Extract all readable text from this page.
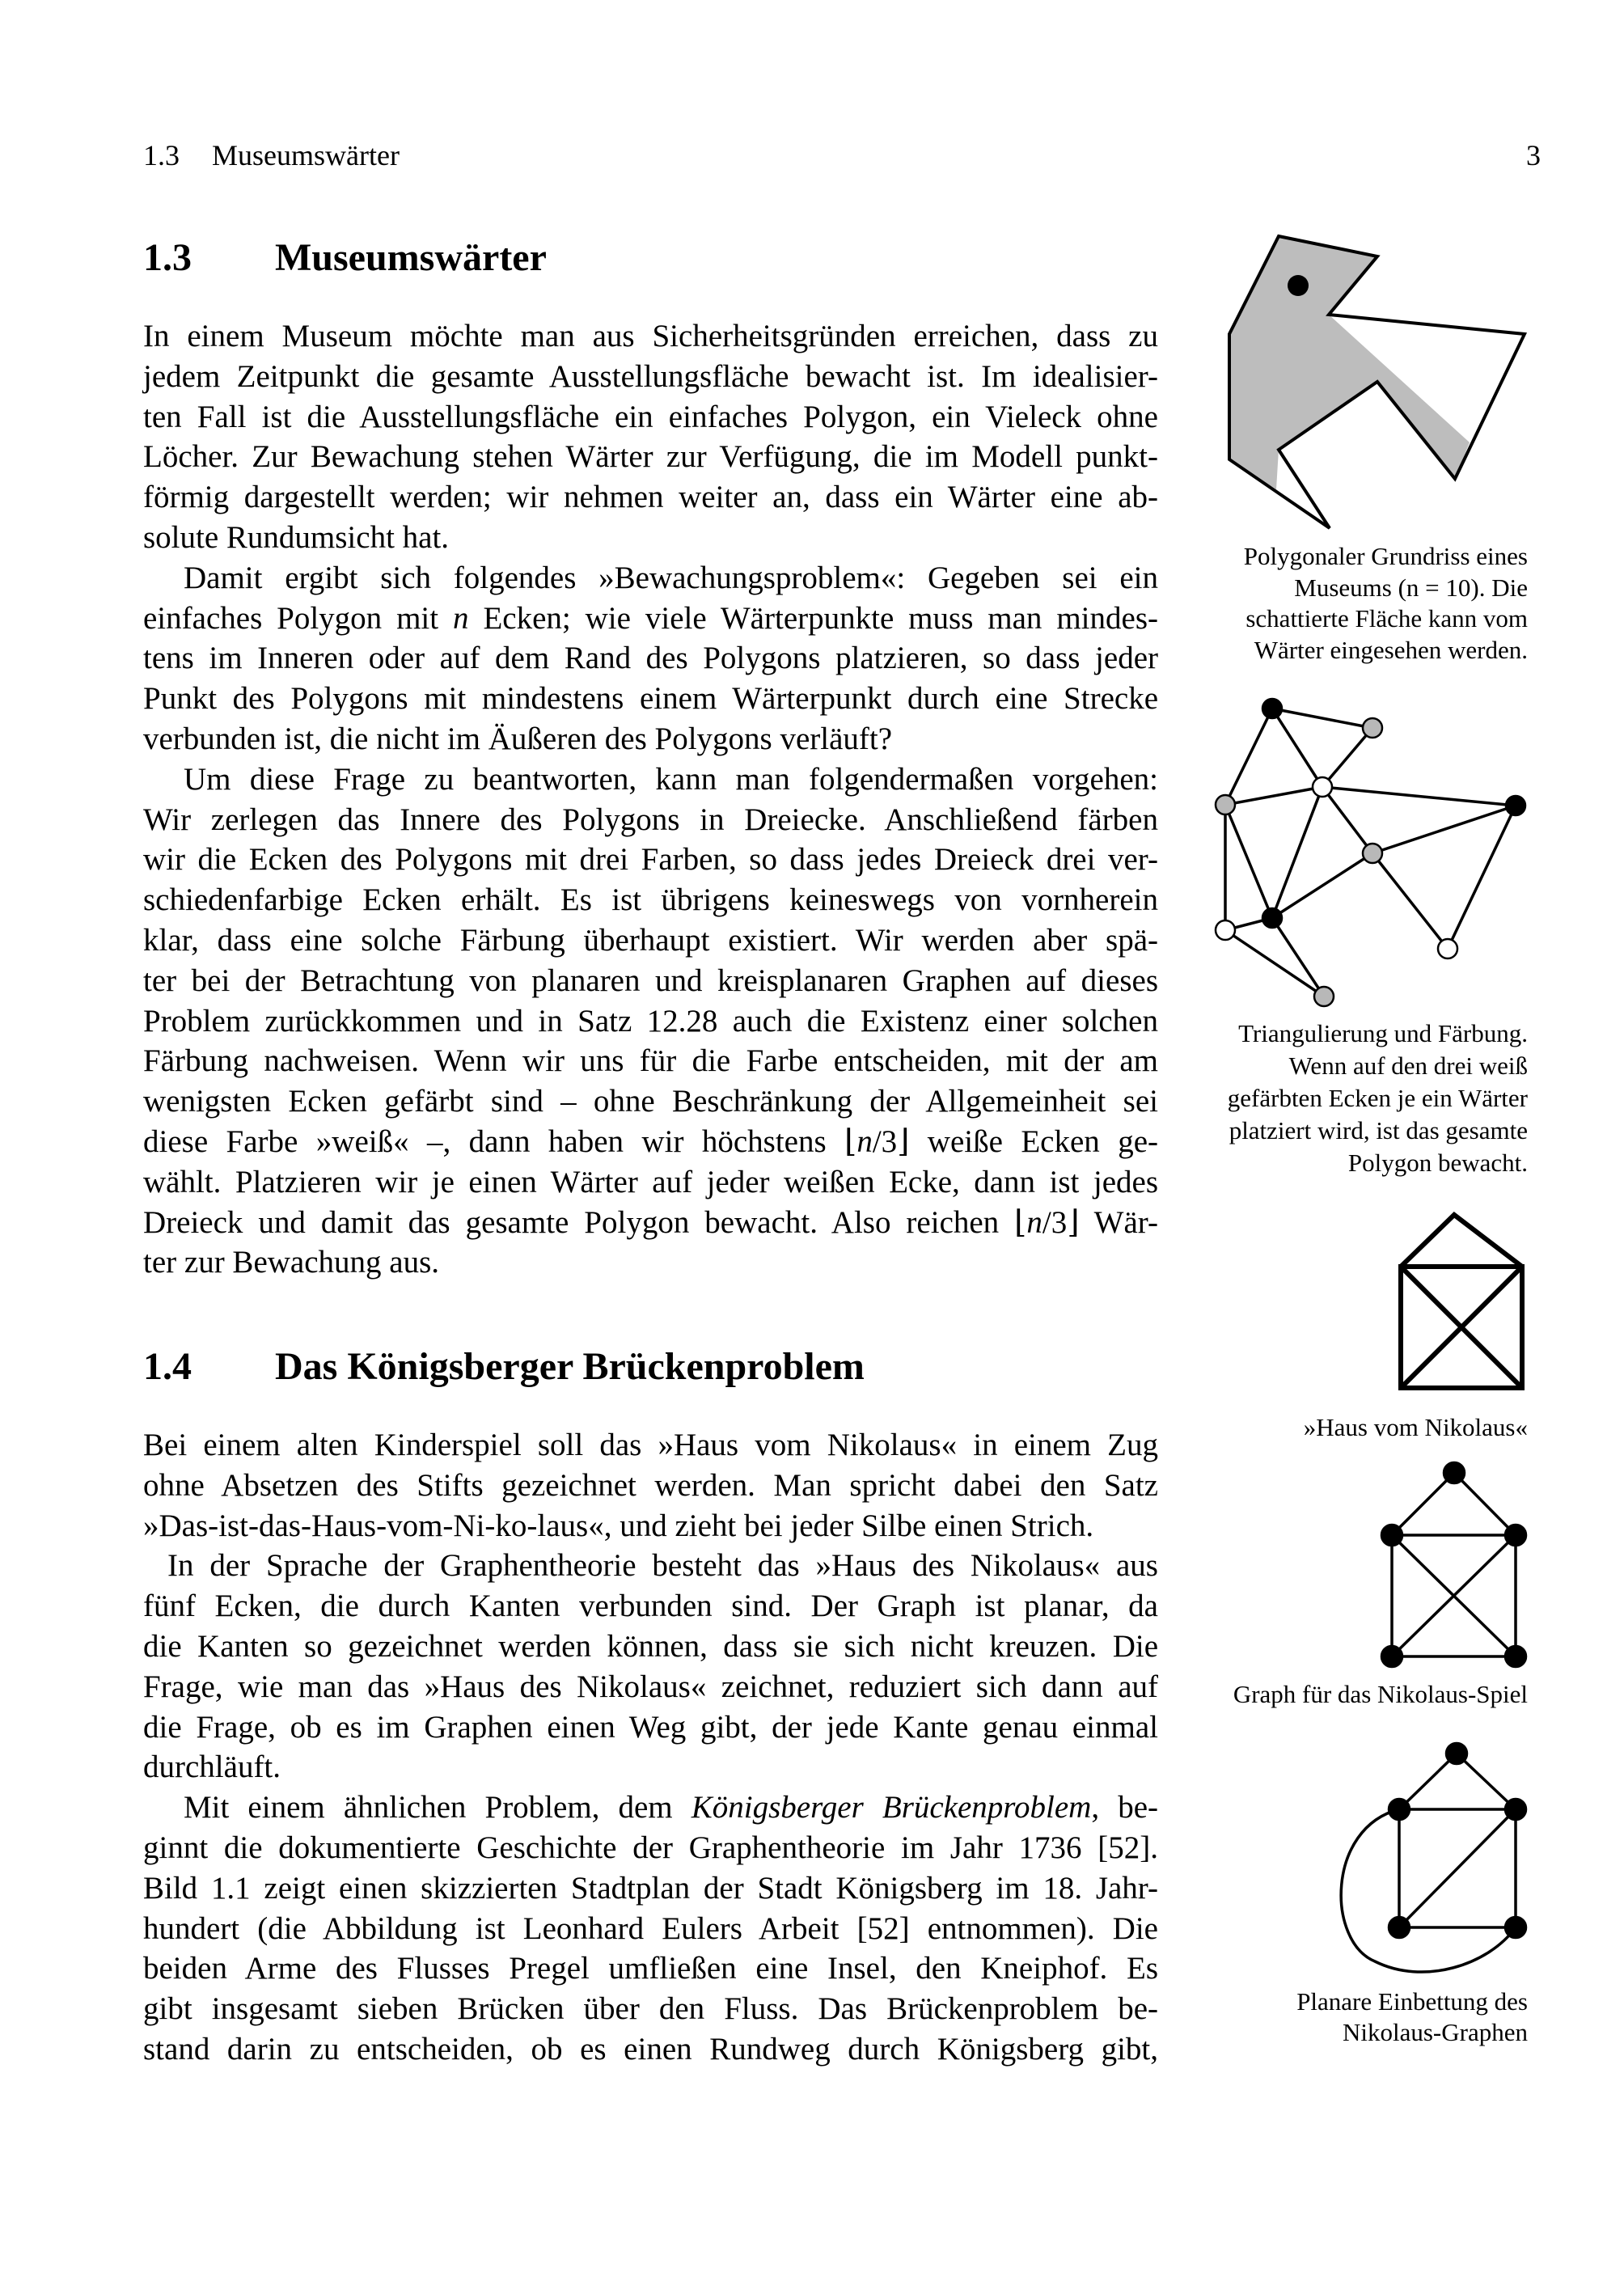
1.3 Museumswärter	3
1.3 Museumswärter
In einem Museum möchte man aus Sicherheitsgründen erreichen, dass zu
jedem Zeitpunkt die gesamte Ausstellungsfläche bewacht ist. Im idealisier-
ten Fall ist die Ausstellungsfläche ein einfaches Polygon, ein Vieleck ohne
Löcher. Zur Bewachung stehen Wärter zur Verfügung, die im Modell punkt-
förmig dargestellt werden; wir nehmen weiter an, dass ein Wärter eine ab-
solute Rundumsicht hat.
Damit ergibt sich folgendes »Bewachungsproblem«: Gegeben sei ein
einfaches Polygon mit n Ecken; wie viele Wärterpunkte muss man mindes-
tens im Inneren oder auf dem Rand des Polygons platzieren, so dass jeder
Punkt des Polygons mit mindestens einem Wärterpunkt durch eine Strecke
verbunden ist, die nicht im Äußeren des Polygons verläuft?
Um diese Frage zu beantworten, kann man folgendermaßen vorgehen:
Wir zerlegen das Innere des Polygons in Dreiecke. Anschließend färben
wir die Ecken des Polygons mit drei Farben, so dass jedes Dreieck drei ver-
schiedenfarbige Ecken erhält. Es ist übrigens keineswegs von vornherein
klar, dass eine solche Färbung überhaupt existiert. Wir werden aber spä-
ter bei der Betrachtung von planaren und kreisplanaren Graphen auf dieses
Problem zurückkommen und in Satz 12.28 auch die Existenz einer solchen
Färbung nachweisen. Wenn wir uns für die Farbe entscheiden, mit der am
wenigsten Ecken gefärbt sind – ohne Beschränkung der Allgemeinheit sei
diese Farbe »weiß« –, dann haben wir höchstens ⌊n/3⌋ weiße Ecken ge-
wählt. Platzieren wir je einen Wärter auf jeder weißen Ecke, dann ist jedes
Dreieck und damit das gesamte Polygon bewacht. Also reichen ⌊n/3⌋ Wär-
ter zur Bewachung aus.
1.4 Das Königsberger Brückenproblem
Bei einem alten Kinderspiel soll das »Haus vom Nikolaus« in einem Zug
ohne Absetzen des Stifts gezeichnet werden. Man spricht dabei den Satz
»Das-ist-das-Haus-vom-Ni-ko-laus«, und zieht bei jeder Silbe einen Strich.
In der Sprache der Graphentheorie besteht das »Haus des Nikolaus« aus
fünf Ecken, die durch Kanten verbunden sind. Der Graph ist planar, da
die Kanten so gezeichnet werden können, dass sie sich nicht kreuzen. Die
Frage, wie man das »Haus des Nikolaus« zeichnet, reduziert sich dann auf
die Frage, ob es im Graphen einen Weg gibt, der jede Kante genau einmal
durchläuft.
Mit einem ähnlichen Problem, dem Königsberger Brückenproblem, be-
ginnt die dokumentierte Geschichte der Graphentheorie im Jahr 1736 [52].
Bild 1.1 zeigt einen skizzierten Stadtplan der Stadt Königsberg im 18. Jahr-
hundert (die Abbildung ist Leonhard Eulers Arbeit [52] entnommen). Die
beiden Arme des Flusses Pregel umfließen eine Insel, den Kneiphof. Es
gibt insgesamt sieben Brücken über den Fluss. Das Brückenproblem be-
stand darin zu entscheiden, ob es einen Rundweg durch Königsberg gibt,
Polygonaler Grundriss eines
Museums (n = 10). Die
schattierte Fläche kann vom
Wärter eingesehen werden.
Triangulierung und Färbung.
Wenn auf den drei weiß
gefärbten Ecken je ein Wärter
platziert wird, ist das gesamte
Polygon bewacht.
»Haus vom Nikolaus«
Graph für das Nikolaus-Spiel
Planare Einbettung des
Nikolaus-Graphen
